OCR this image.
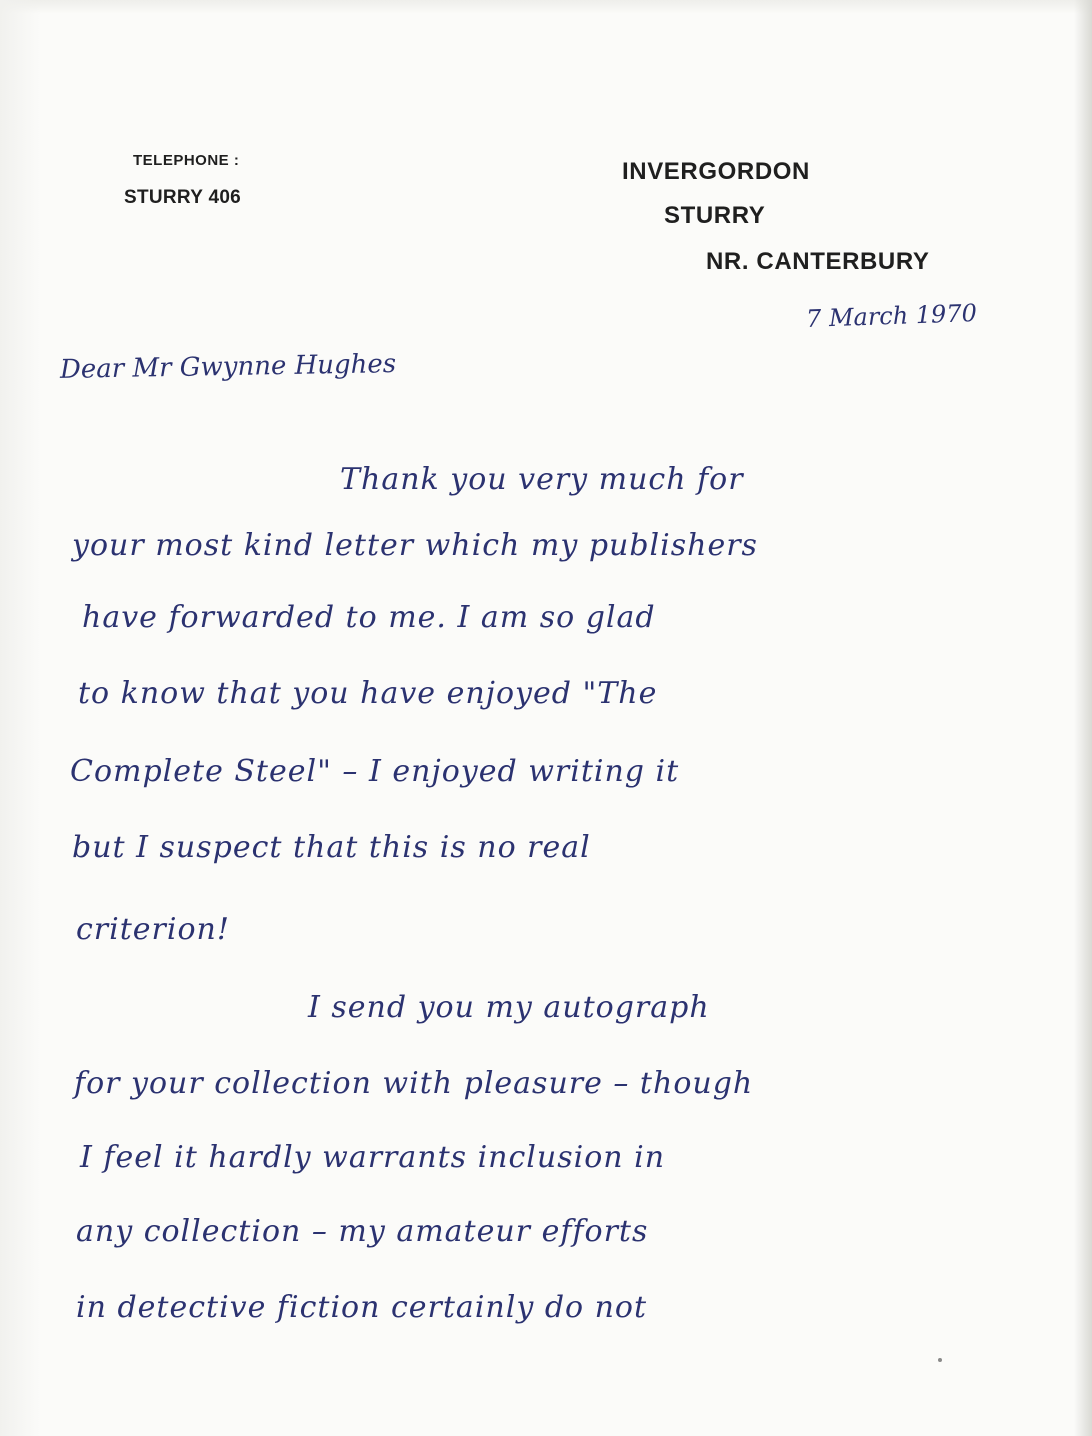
TELEPHONE :
STURRY 406
INVERGORDON
STURRY
NR. CANTERBURY
7 March 1970
Dear Mr Gwynne Hughes
Thank you very much for
your most kind letter which my publishers
have forwarded to me. I am so glad
to know that you have enjoyed "The
Complete Steel" – I enjoyed writing it
but I suspect that this is no real
criterion!
I send you my autograph
for your collection with pleasure – though
I feel it hardly warrants inclusion in
any collection – my amateur efforts
in detective fiction certainly do not
